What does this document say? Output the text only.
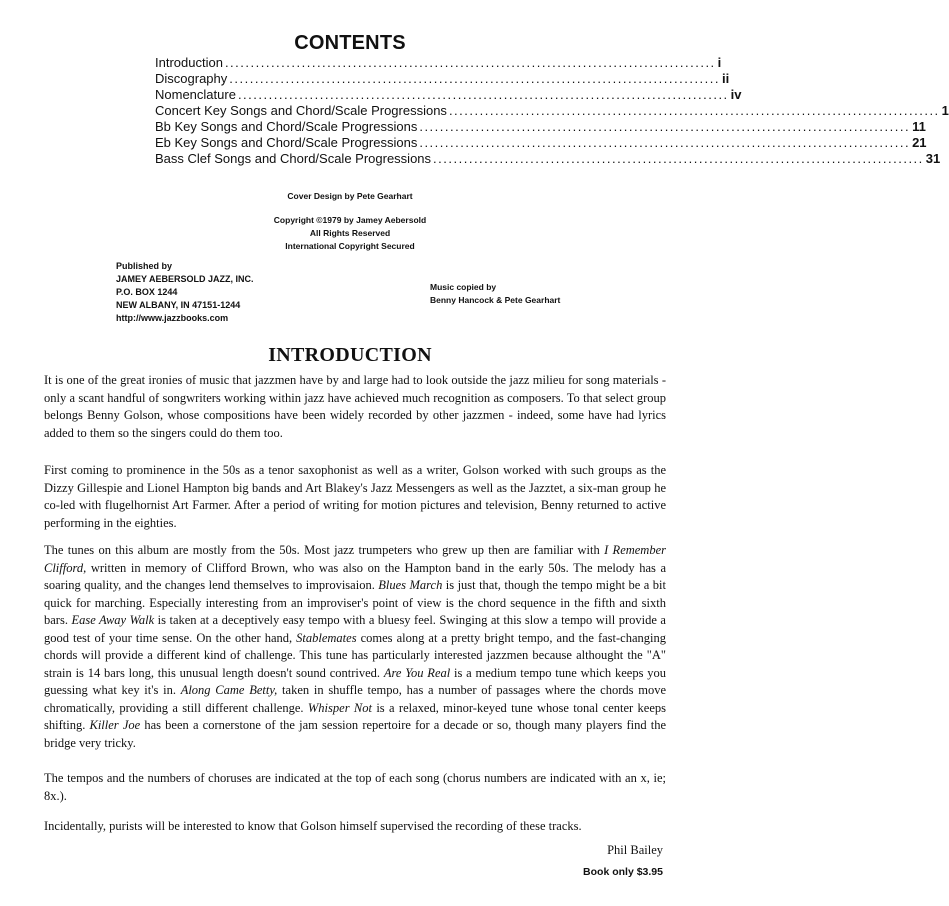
CONTENTS
Introduction ................................................................................................ i
Discography ................................................................................................ ii
Nomenclature ................................................................................................ iv
Concert Key Songs and Chord/Scale Progressions ................................................................................................ 1
Bb Key Songs and Chord/Scale Progressions ................................................................................................ 11
Eb Key Songs and Chord/Scale Progressions ................................................................................................ 21
Bass Clef Songs and Chord/Scale Progressions ................................................................................................ 31
Cover Design by Pete Gearhart
Copyright ©1979 by Jamey Aebersold
All Rights Reserved
International Copyright Secured
Published by
JAMEY AEBERSOLD JAZZ, INC.
P.O. BOX 1244
NEW ALBANY, IN 47151-1244
http://www.jazzbooks.com
Music copied by
Benny Hancock & Pete Gearhart
INTRODUCTION

It is one of the great ironies of music that jazzmen have by and large had to look outside the jazz milieu for song materials - only a scant handful of songwriters working within jazz have achieved much recognition as composers. To that select group belongs Benny Golson, whose compositions have been widely recorded by other jazzmen - indeed, some have had lyrics added to them so the singers could do them too.

First coming to prominence in the 50s as a tenor saxophonist as well as a writer, Golson worked with such groups as the Dizzy Gillespie and Lionel Hampton big bands and Art Blakey's Jazz Messengers as well as the Jazztet, a six-man group he co-led with flugelhornist Art Farmer. After a period of writing for motion pictures and television, Benny returned to active performing in the eighties.

The tunes on this album are mostly from the 50s. Most jazz trumpeters who grew up then are familiar with I Remember Clifford, written in memory of Clifford Brown, who was also on the Hampton band in the early 50s. The melody has a soaring quality, and the changes lend themselves to improvisaion. Blues March is just that, though the tempo might be a bit quick for marching. Especially interesting from an improviser's point of view is the chord sequence in the fifth and sixth bars. Ease Away Walk is taken at a deceptively easy tempo with a bluesy feel. Swinging at this slow a tempo will provide a good test of your time sense. On the other hand, Stablemates comes along at a pretty bright tempo, and the fast-changing chords will provide a different kind of challenge. This tune has particularly interested jazzmen because althought the "A" strain is 14 bars long, this unusual length doesn't sound contrived. Are You Real is a medium tempo tune which keeps you guessing what key it's in. Along Came Betty, taken in shuffle tempo, has a number of passages where the chords move chromatically, providing a still different challenge. Whisper Not is a relaxed, minor-keyed tune whose tonal center keeps shifting. Killer Joe has been a cornerstone of the jam session repertoire for a decade or so, though many players find the bridge very tricky.

The tempos and the numbers of choruses are indicated at the top of each song (chorus numbers are indicated with an x, ie; 8x.).

Incidentally, purists will be interested to know that Golson himself supervised the recording of these tracks.

Phil Bailey
Book only $3.95
